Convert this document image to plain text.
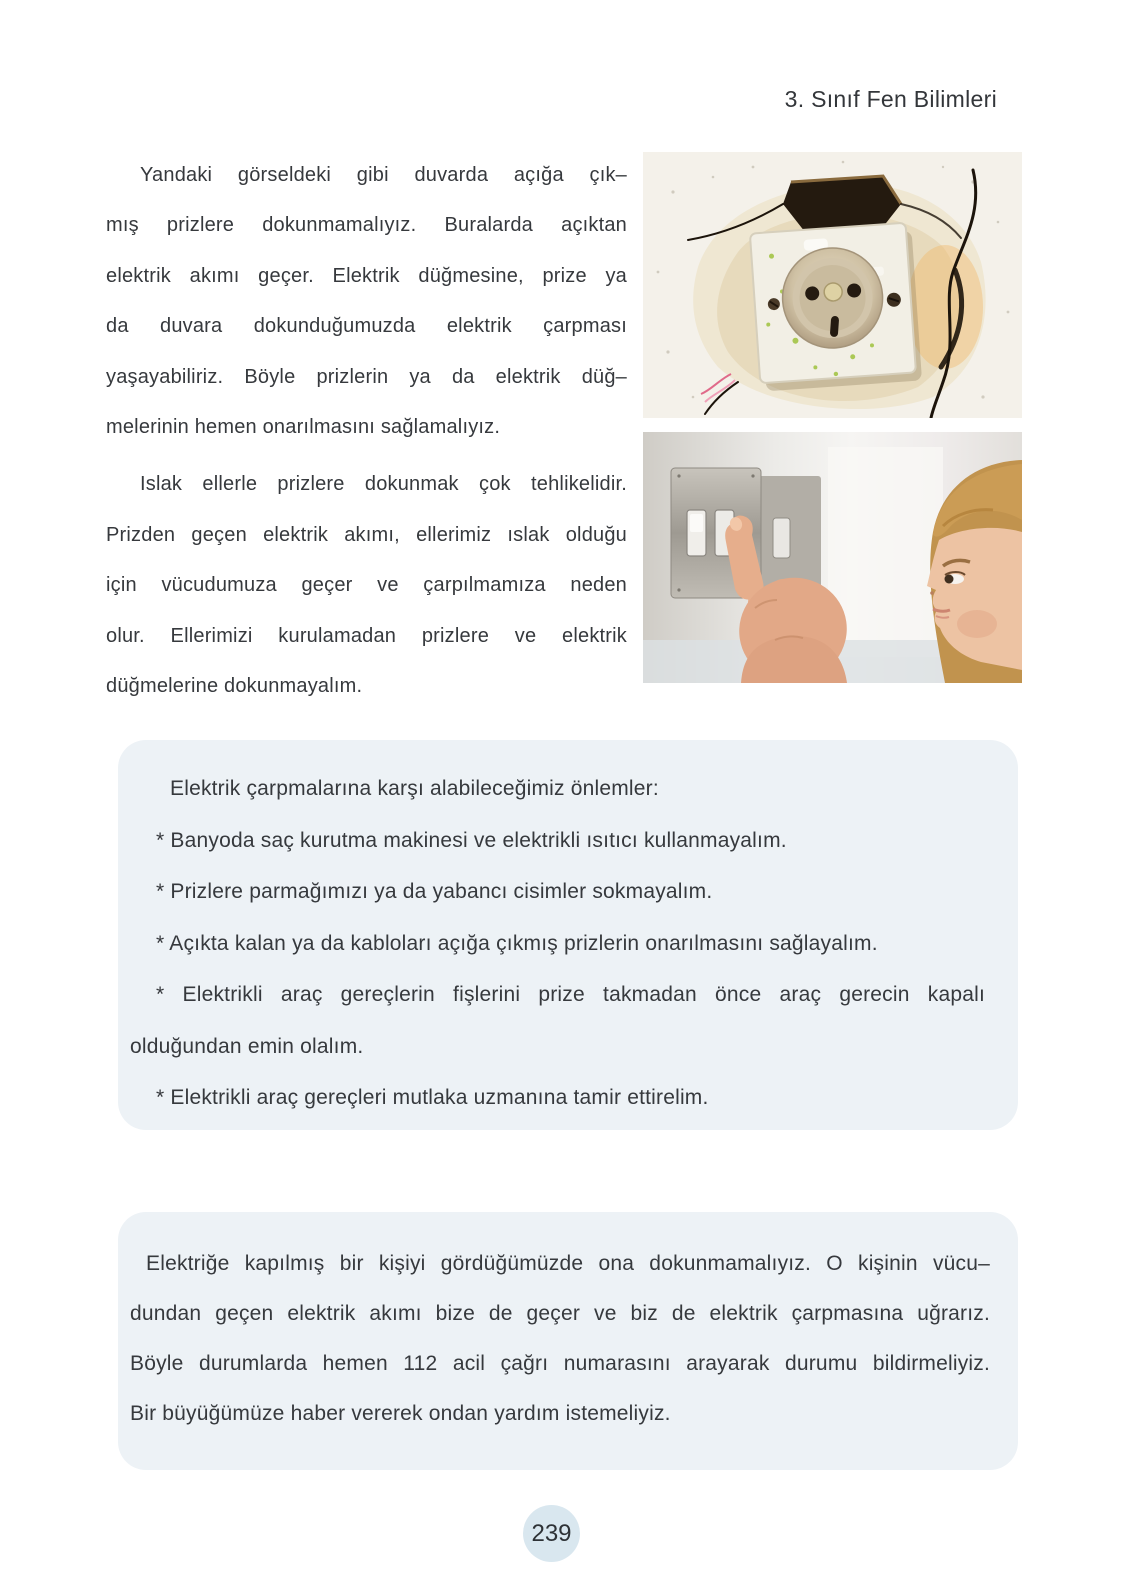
3. Sınıf Fen Bilimleri
Yandaki görseldeki gibi duvarda açığa çık–
mış prizlere dokunmamalıyız. Buralarda açıktan
elektrik akımı geçer. Elektrik düğmesine, prize ya
da duvara dokunduğumuzda elektrik çarpması
yaşayabiliriz. Böyle prizlerin ya da elektrik düğ–
melerinin hemen onarılmasını sağlamalıyız.
Islak ellerle prizlere dokunmak çok tehlikelidir.
Prizden geçen elektrik akımı, ellerimiz ıslak olduğu
için vücudumuza geçer ve çarpılmamıza neden
olur. Ellerimizi kurulamadan prizlere ve elektrik
düğmelerine dokunmayalım.
Elektrik çarpmalarına karşı alabileceğimiz önlemler:
* Banyoda saç kurutma makinesi ve elektrikli ısıtıcı kullanmayalım.
* Prizlere parmağımızı ya da yabancı cisimler sokmayalım.
* Açıkta kalan ya da kabloları açığa çıkmış prizlerin onarılmasını sağlayalım.
* Elektrikli araç gereçlerin fişlerini prize takmadan önce araç gerecin kapalı
olduğundan emin olalım.
* Elektrikli araç gereçleri mutlaka uzmanına tamir ettirelim.
Elektriğe kapılmış bir kişiyi gördüğümüzde ona dokunmamalıyız. O kişinin vücu–
dundan geçen elektrik akımı bize de geçer ve biz de elektrik çarpmasına uğrarız.
Böyle durumlarda hemen 112 acil çağrı numarasını arayarak durumu bildirmeliyiz.
Bir büyüğümüze haber vererek ondan yardım istemeliyiz.
239
